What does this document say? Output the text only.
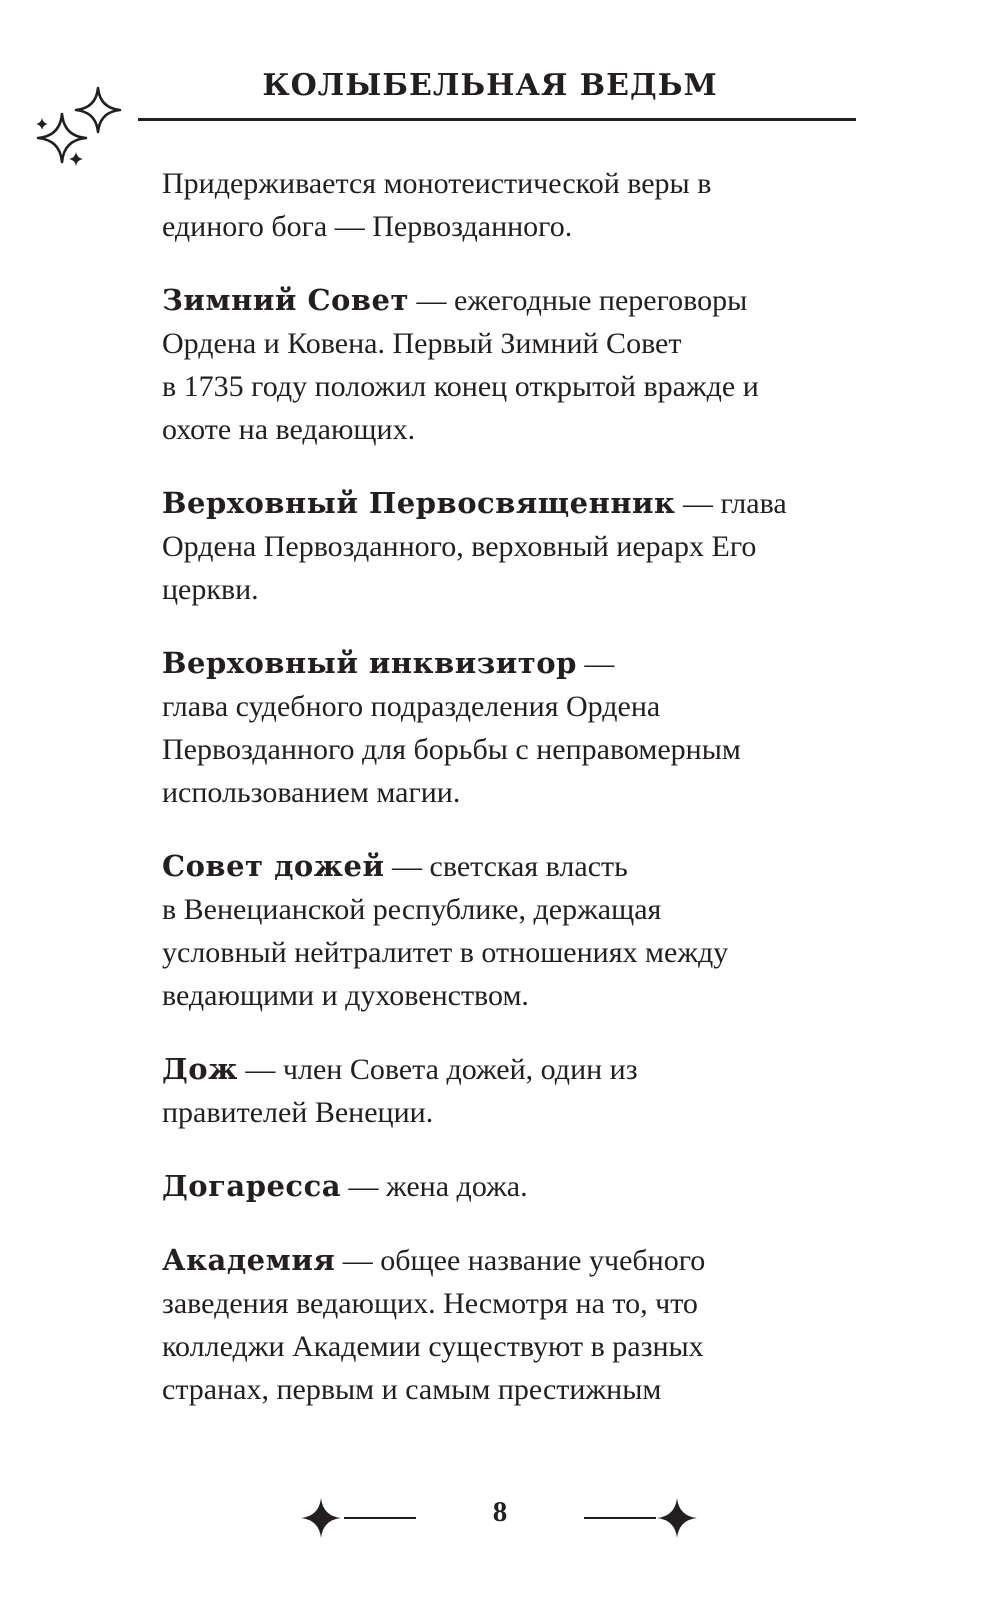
КОЛЫБЕЛЬНАЯ ВЕДЬМ

Придерживается монотеистической веры в
единого бога — Первозданного.

Зимний Совет — ежегодные переговоры
Ордена и Ковена. Первый Зимний Совет
в 1735 году положил конец открытой вражде и
охоте на ведающих.

Верховный Первосвященник — глава
Ордена Первозданного, верховный иерарх Его
церкви.

Верховный инквизитор —
глава судебного подразделения Ордена
Первозданного для борьбы с неправомерным
использованием магии.

Совет дожей — светская власть
в Венецианской республике, держащая
условный нейтралитет в отношениях между
ведающими и духовенством.

Дож — член Совета дожей, один из
правителей Венеции.

Догаресса — жена дожа.

Академия — общее название учебного
заведения ведающих. Несмотря на то, что
колледжи Академии существуют в разных
странах, первым и самым престижным

8
